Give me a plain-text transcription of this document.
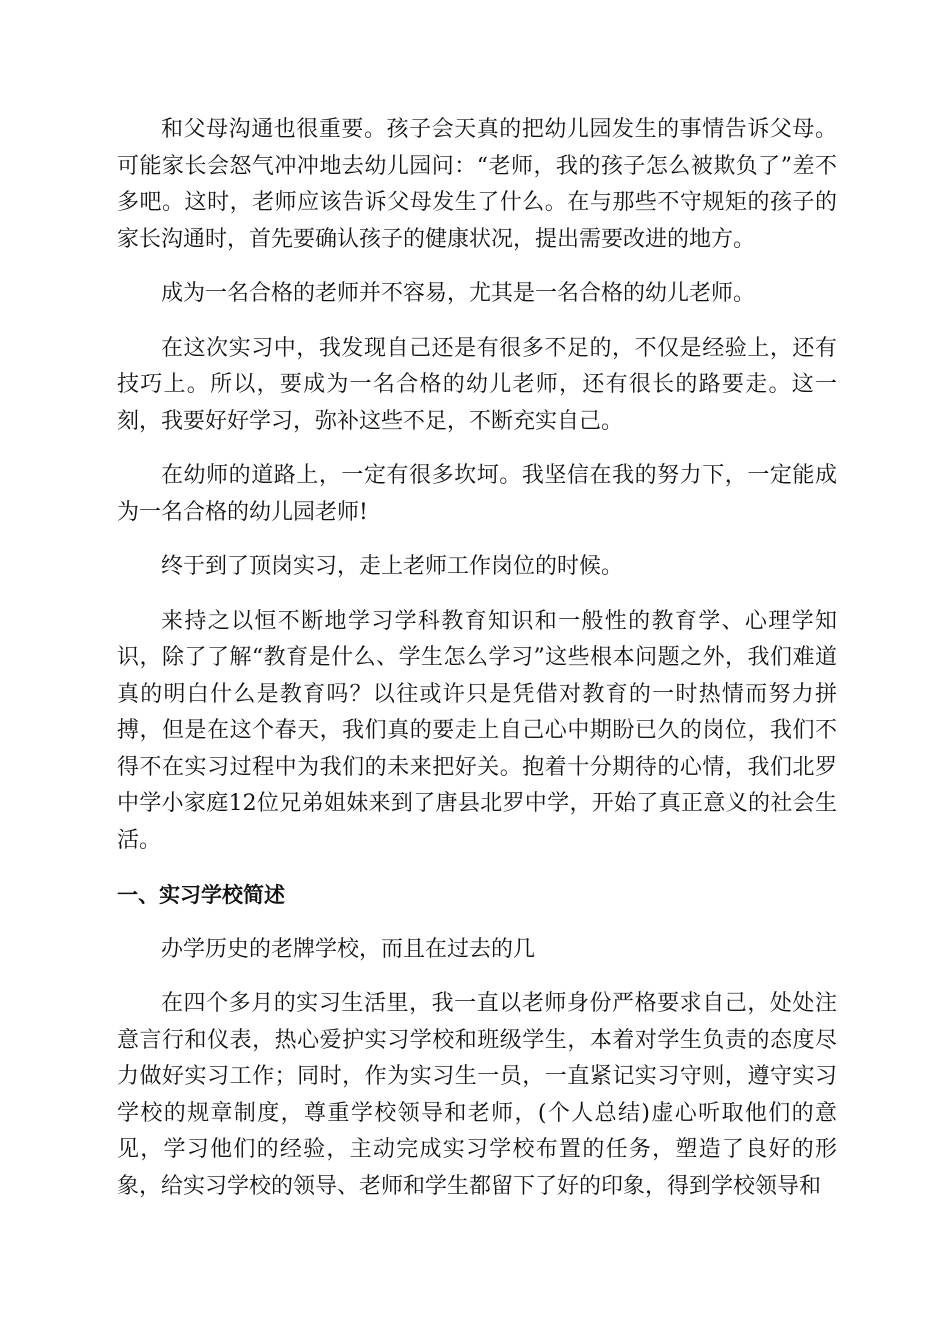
和父母沟通也很重要。孩子会天真的把幼儿园发生的事情告诉父母。可能家长会怒气冲冲地去幼儿园问：“老师，我的孩子怎么被欺负了”差不多吧。这时，老师应该告诉父母发生了什么。在与那些不守规矩的孩子的家长沟通时，首先要确认孩子的健康状况，提出需要改进的地方。

成为一名合格的老师并不容易，尤其是一名合格的幼儿老师。

在这次实习中，我发现自己还是有很多不足的，不仅是经验上，还有技巧上。所以，要成为一名合格的幼儿老师，还有很长的路要走。这一刻，我要好好学习，弥补这些不足，不断充实自己。

在幼师的道路上，一定有很多坎坷。我坚信在我的努力下，一定能成为一名合格的幼儿园老师!

终于到了顶岗实习，走上老师工作岗位的时候。

来持之以恒不断地学习学科教育知识和一般性的教育学、心理学知识，除了了解“教育是什么、学生怎么学习”这些根本问题之外，我们难道真的明白什么是教育吗？以往或许只是凭借对教育的一时热情而努力拼搏，但是在这个春天，我们真的要走上自己心中期盼已久的岗位，我们不得不在实习过程中为我们的未来把好关。抱着十分期待的心情，我们北罗中学小家庭12位兄弟姐妹来到了唐县北罗中学，开始了真正意义的社会生活。

一、实习学校简述

办学历史的老牌学校，而且在过去的几

在四个多月的实习生活里，我一直以老师身份严格要求自己，处处注意言行和仪表，热心爱护实习学校和班级学生，本着对学生负责的态度尽力做好实习工作；同时，作为实习生一员，一直紧记实习守则，遵守实习学校的规章制度，尊重学校领导和老师，(个人总结)虚心听取他们的意见，学习他们的经验，主动完成实习学校布置的任务，塑造了良好的形象，给实习学校的领导、老师和学生都留下了好的印象，得到学校领导和
